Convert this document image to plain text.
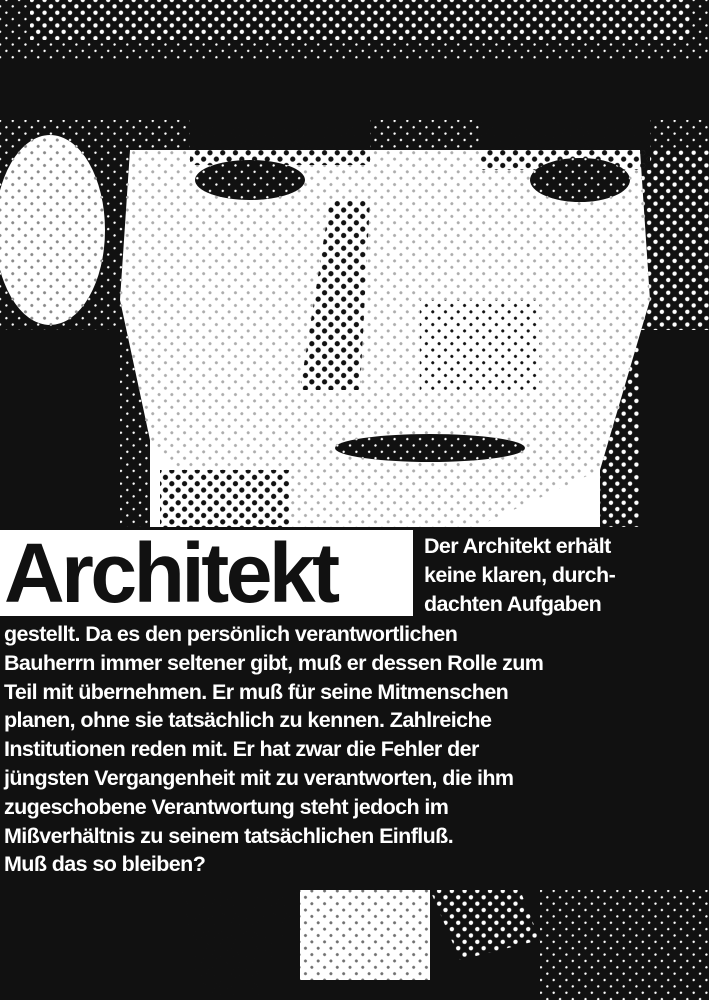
Architekt	Der Architekt erhält
keine klaren, durch-
dachten Aufgaben
gestellt. Da es den persönlich verantwortlichen
Bauherrn immer seltener gibt, muß er dessen Rolle zum
Teil mit übernehmen. Er muß für seine Mitmenschen
planen, ohne sie tatsächlich zu kennen. Zahlreiche
Institutionen reden mit. Er hat zwar die Fehler der
jüngsten Vergangenheit mit zu verantworten, die ihm
zugeschobene Verantwortung steht jedoch im
Mißverhältnis zu seinem tatsächlichen Einfluß.
Muß das so bleiben?
